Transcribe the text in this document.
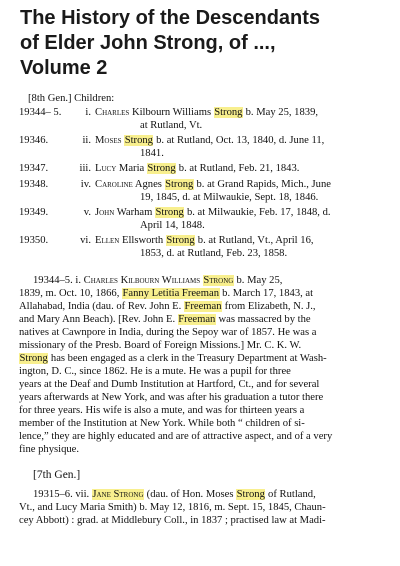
The History of the Descendants
of Elder John Strong, of ...,
Volume 2
[8th Gen.] Children:
19344– 5.	i. Charles Kilbourn Williams Strong b. May 25, 1839,
at Rutland, Vt.
19346.	ii. Moses Strong b. at Rutland, Oct. 13, 1840, d. June 11,
1841.
19347.	iii. Lucy Maria Strong b. at Rutland, Feb. 21, 1843.
19348.	iv. Caroline Agnes Strong b. at Grand Rapids, Mich., June
19, 1845, d. at Milwaukie, Sept. 18, 1846.
19349.	v. John Warham Strong b. at Milwaukie, Feb. 17, 1848, d.
April 14, 1848.
19350.	vi. Ellen Ellsworth Strong b. at Rutland, Vt., April 16,
1853, d. at Rutland, Feb. 23, 1858.
19344–5. i. Charles Kilbourn Williams Strong b. May 25,
1839, m. Oct. 10, 1866, Fanny Letitia Freeman b. March 17, 1843, at
Allahabad, India (dau. of Rev. John E. Freeman from Elizabeth, N. J.,
and Mary Ann Beach). [Rev. John E. Freeman was massacred by the
natives at Cawnpore in India, during the Sepoy war of 1857. He was a
missionary of the Presb. Board of Foreign Missions.] Mr. C. K. W.
Strong has been engaged as a clerk in the Treasury Department at Wash-
ington, D. C., since 1862. He is a mute. He was a pupil for three
years at the Deaf and Dumb Institution at Hartford, Ct., and for several
years afterwards at New York, and was after his graduation a tutor there
for three years. His wife is also a mute, and was for thirteen years a
member of the Institution at New York. While both “ children of si-
lence,” they are highly educated and are of attractive aspect, and of a very
fine physique.
[7th Gen.]
19315–6. vii. Jane Strong (dau. of Hon. Moses Strong of Rutland,
Vt., and Lucy Maria Smith) b. May 12, 1816, m. Sept. 15, 1845, Chaun-
cey Abbott) : grad. at Middlebury Coll., in 1837 ; practised law at Madi-
